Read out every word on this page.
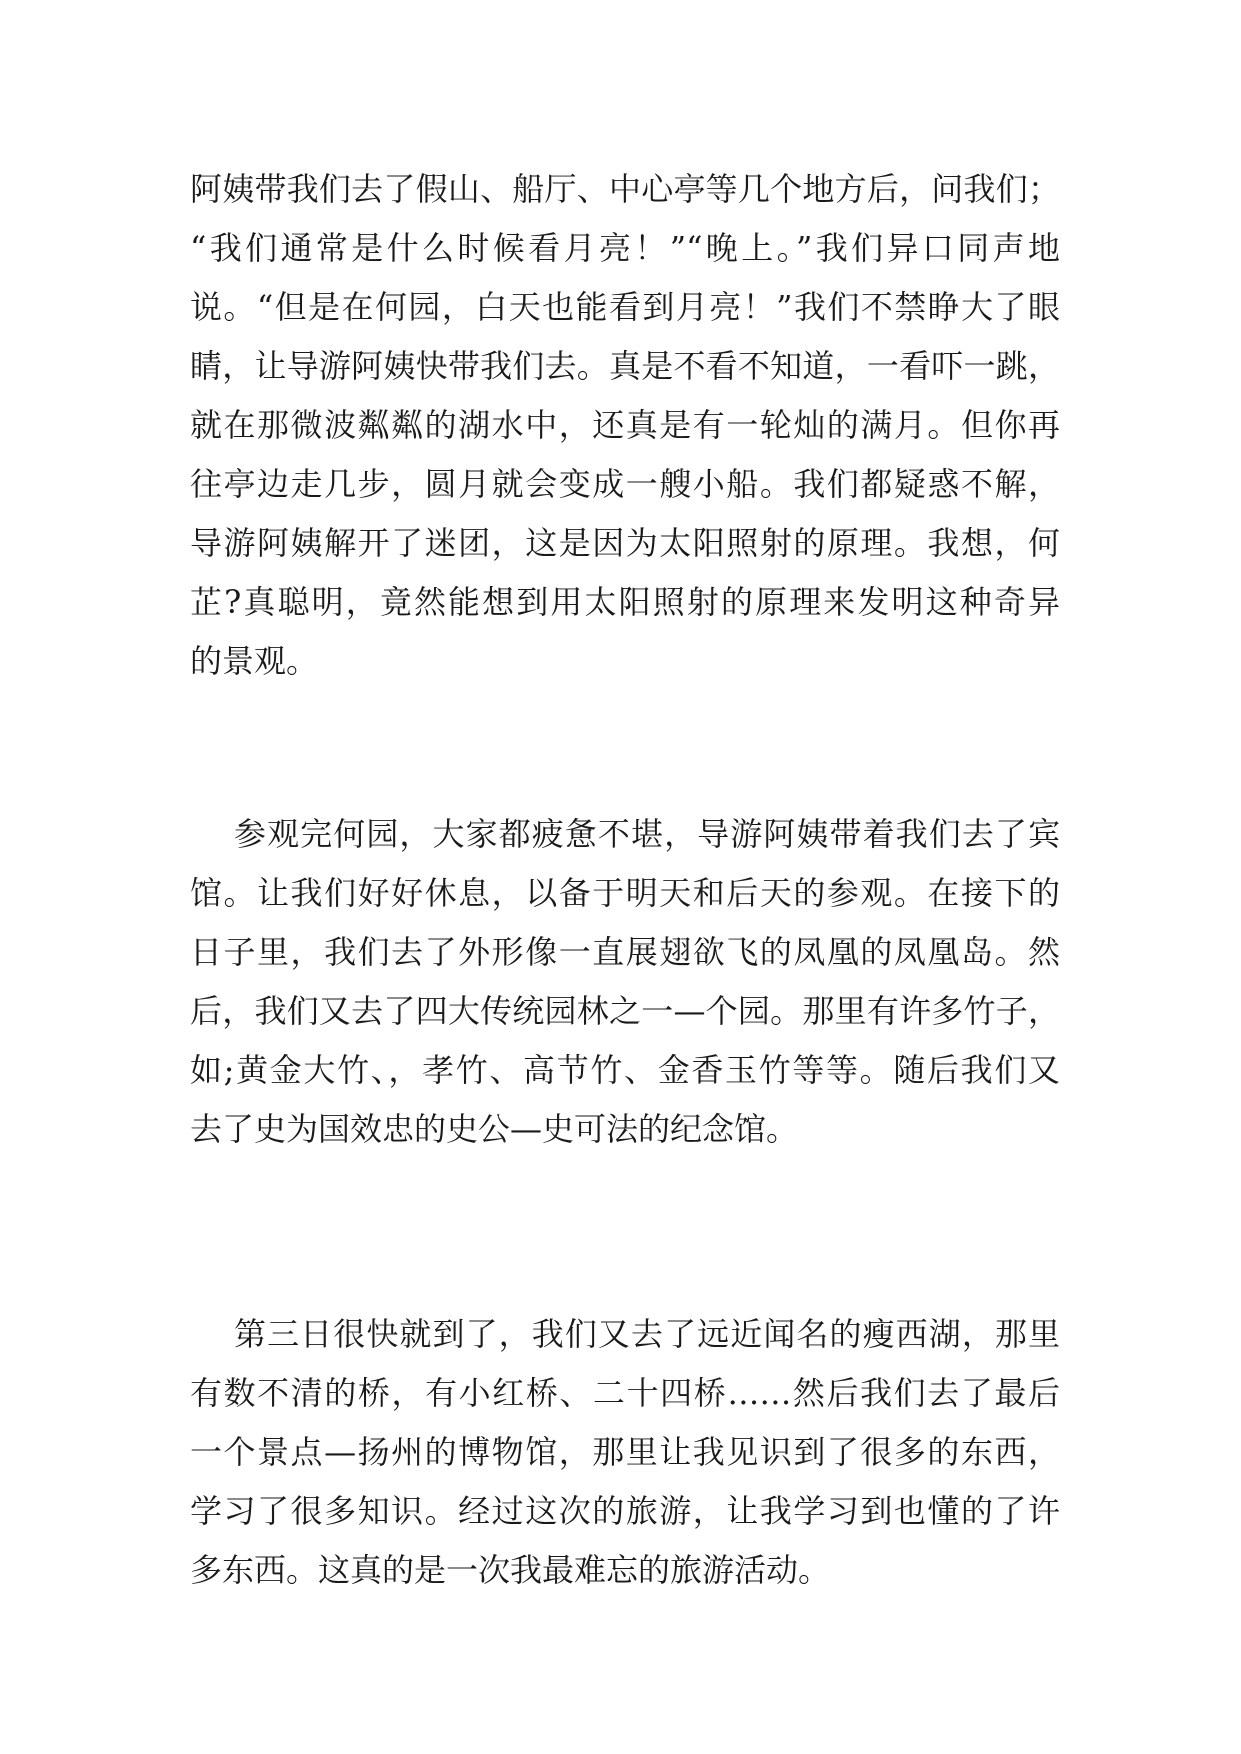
阿姨带我们去了假山、船厅、中心亭等几个地方后，问我们；
“我们通常是什么时候看月亮！”“晚上。”我们异口同声地
说。“但是在何园，白天也能看到月亮！”我们不禁睁大了眼
睛，让导游阿姨快带我们去。真是不看不知道，一看吓一跳，
就在那微波粼粼的湖水中，还真是有一轮灿的满月。但你再
往亭边走几步，圆月就会变成一艘小船。我们都疑惑不解，
导游阿姨解开了迷团，这是因为太阳照射的原理。我想，何
芷?真聪明，竟然能想到用太阳照射的原理来发明这种奇异
的景观。
参观完何园，大家都疲惫不堪，导游阿姨带着我们去了宾
馆。让我们好好休息，以备于明天和后天的参观。在接下的
日子里，我们去了外形像一直展翅欲飞的凤凰的凤凰岛。然
后，我们又去了四大传统园林之一—个园。那里有许多竹子，
如;黄金大竹、，孝竹、高节竹、金香玉竹等等。随后我们又
去了史为国效忠的史公—史可法的纪念馆。
第三日很快就到了，我们又去了远近闻名的瘦西湖，那里
有数不清的桥，有小红桥、二十四桥……然后我们去了最后
一个景点—扬州的博物馆，那里让我见识到了很多的东西，
学习了很多知识。经过这次的旅游，让我学习到也懂的了许
多东西。这真的是一次我最难忘的旅游活动。
